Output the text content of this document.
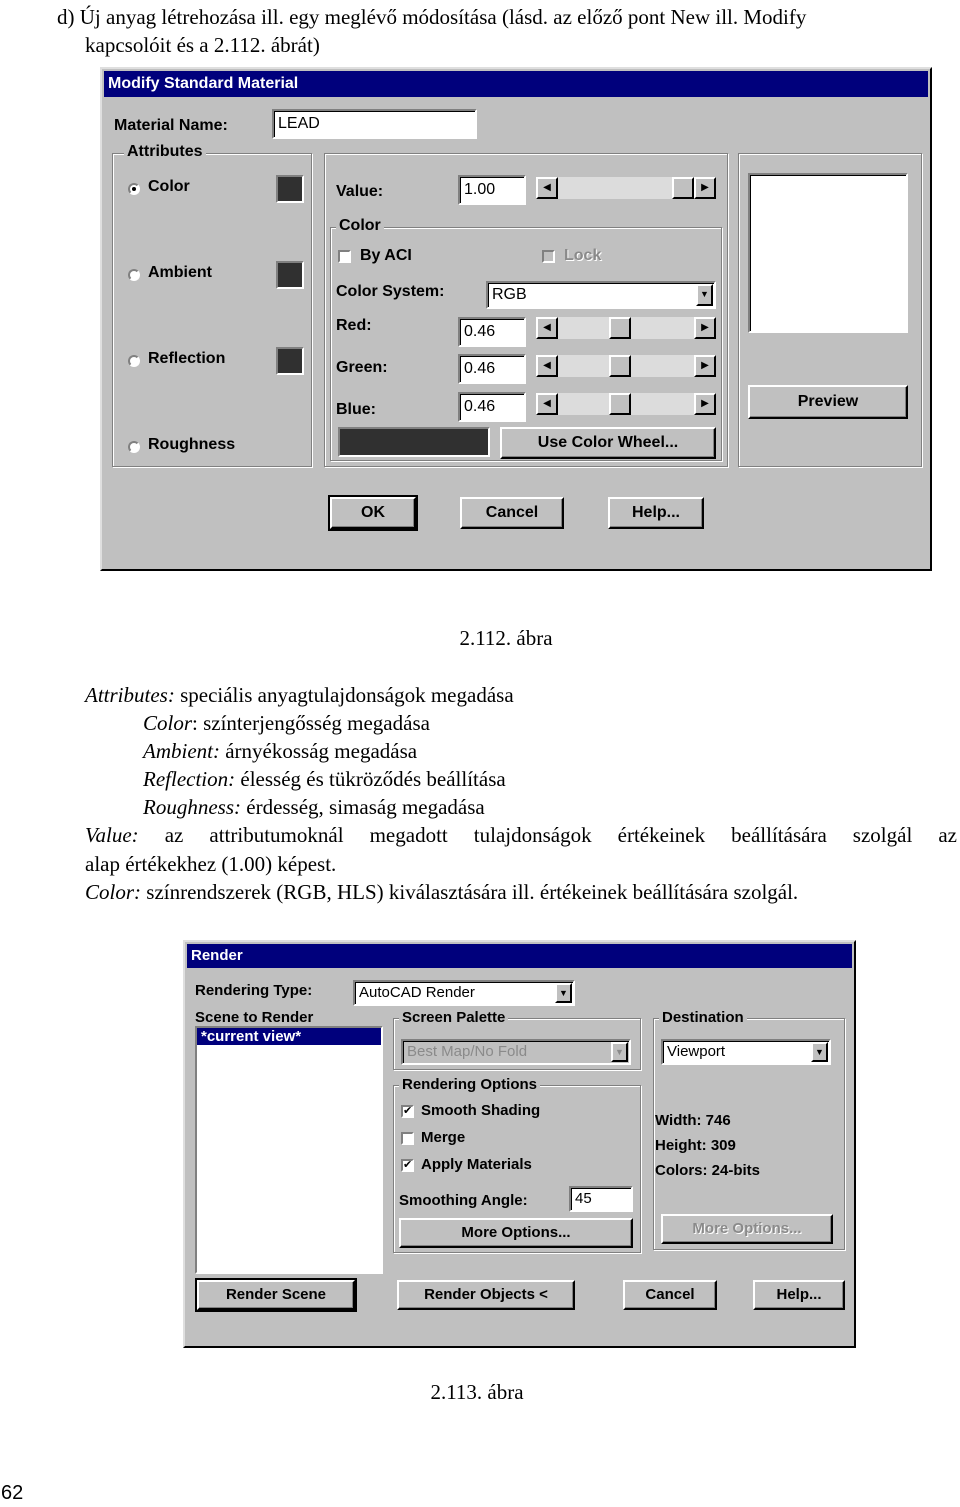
d) Új anyag létrehozása ill. egy meglévő módosítása (lásd. az előző pont New ill. Modify
kapcsolóit és a 2.112. ábrát)
Modify Standard Material
Material Name:	LEAD
Attributes
Color
Ambient
Reflection
Roughness
Value:	1.00	◀	▶
Color
By ACI	Lock
Color System:	RGB	▼
Red:	0.46	◀	▶
Green:	0.46	◀	▶
Blue:	0.46	◀	▶
Use Color Wheel...
Preview
OK	Cancel	Help...
2.112. ábra
Attributes: speciális anyagtulajdonságok megadása
Color: színterjengősség megadása
Ambient: árnyékosság megadása
Reflection: élesség és tükröződés beállítása
Roughness: érdesség, simaság megadása
Value: az attributumoknál megadott tulajdonságok értékeinek beállítására szolgál az
alap értékekhez (1.00) képest.
Color: színrendszerek (RGB, HLS) kiválasztására ill. értékeinek beállítására szolgál.
Render
Rendering Type:	AutoCAD Render	▼
Scene to Render
*current view*
Screen Palette
Best Map/No Fold	▼
Rendering Options
✔ Smooth Shading
Merge
✔ Apply Materials
Smoothing Angle:	45
More Options...
Destination
Viewport	▼
Width: 746
Height: 309
Colors: 24-bits
More Options...
Render Scene	Render Objects <	Cancel	Help...
2.113. ábra
62
